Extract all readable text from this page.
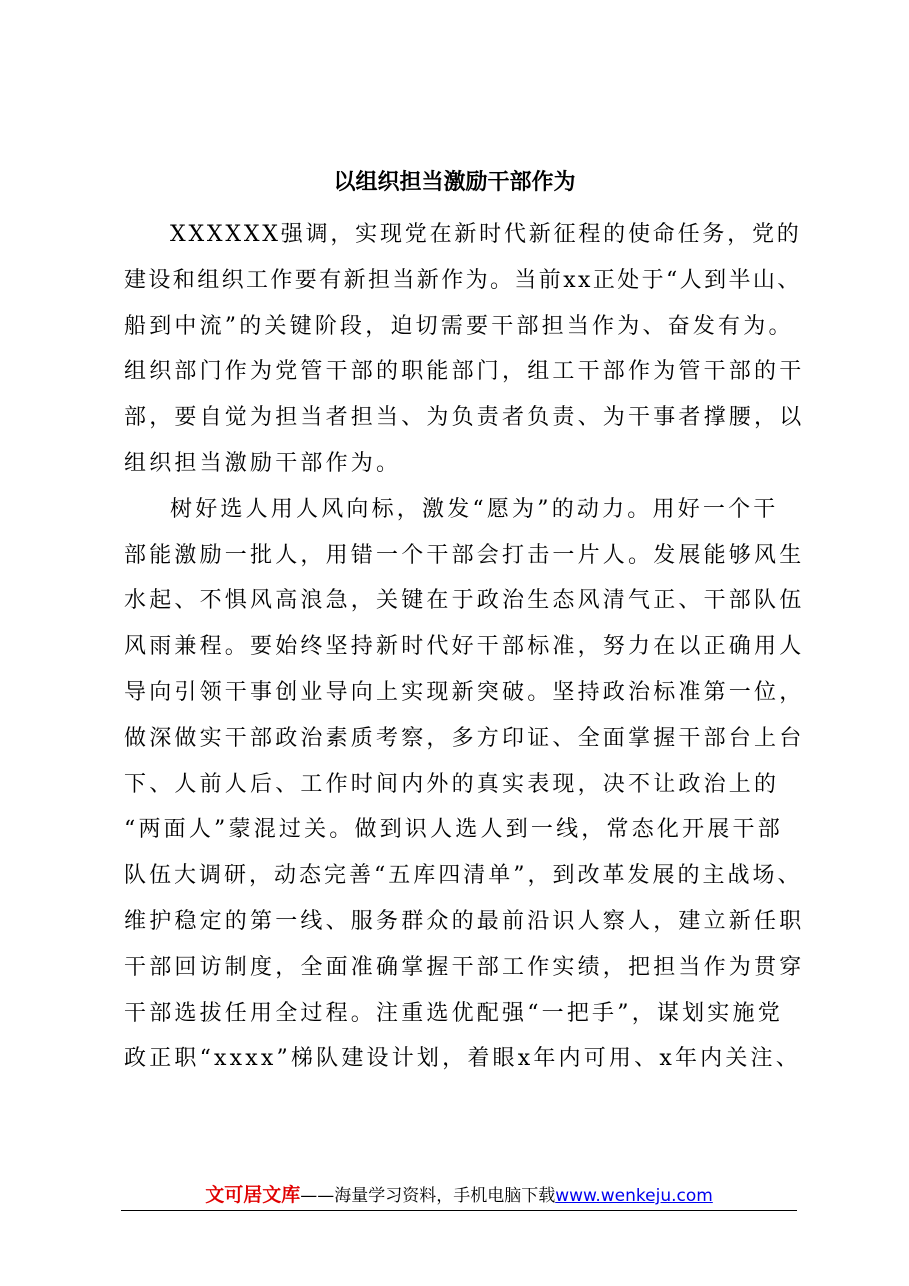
以组织担当激励干部作为
XXXXXX强调，实现党在新时代新征程的使命任务，党的
建设和组织工作要有新担当新作为。当前xx正处于“人到半山、
船到中流”的关键阶段，迫切需要干部担当作为、奋发有为。
组织部门作为党管干部的职能部门，组工干部作为管干部的干
部，要自觉为担当者担当、为负责者负责、为干事者撑腰，以
组织担当激励干部作为。
树好选人用人风向标，激发“愿为”的动力。用好一个干
部能激励一批人，用错一个干部会打击一片人。发展能够风生
水起、不惧风高浪急，关键在于政治生态风清气正、干部队伍
风雨兼程。要始终坚持新时代好干部标准，努力在以正确用人
导向引领干事创业导向上实现新突破。坚持政治标准第一位，
做深做实干部政治素质考察，多方印证、全面掌握干部台上台
下、人前人后、工作时间内外的真实表现，决不让政治上的
“两面人”蒙混过关。做到识人选人到一线，常态化开展干部
队伍大调研，动态完善“五库四清单”，到改革发展的主战场、
维护稳定的第一线、服务群众的最前沿识人察人，建立新任职
干部回访制度，全面准确掌握干部工作实绩，把担当作为贯穿
干部选拔任用全过程。注重选优配强“一把手”，谋划实施党
政正职“xxxx”梯队建设计划，着眼x年内可用、x年内关注、
文可居文库——海量学习资料，手机电脑下载www.wenkeju.com
